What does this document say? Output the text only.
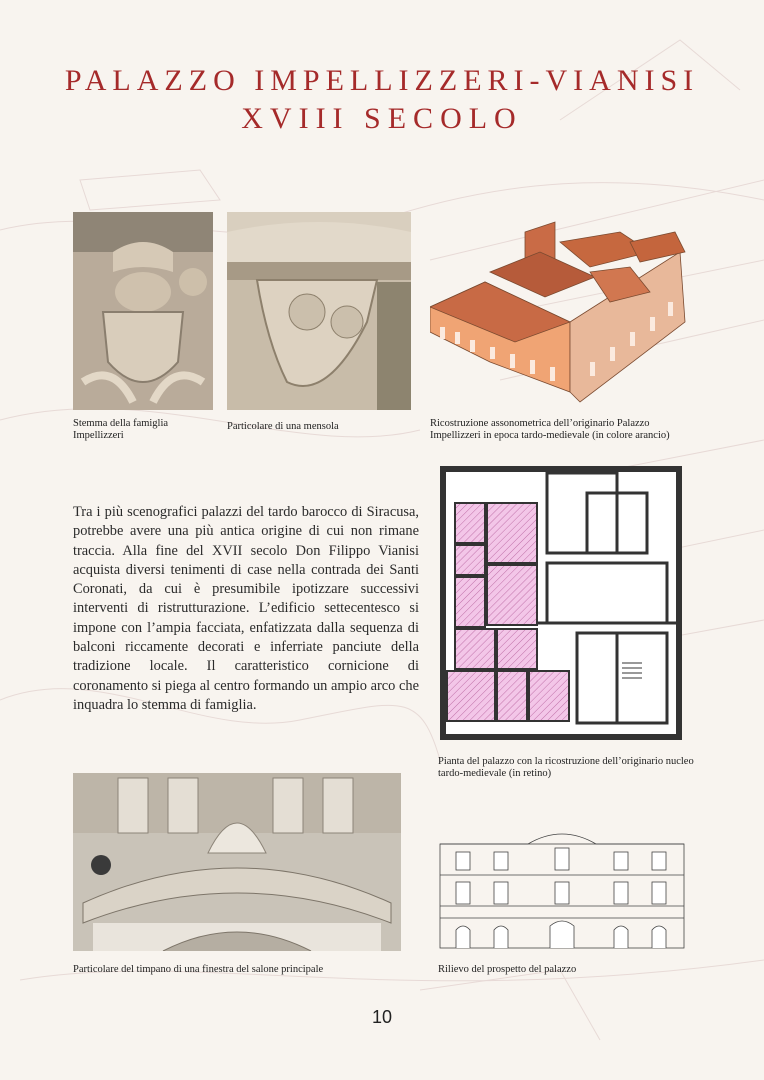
PALAZZO IMPELLIZZERI-VIANISI
XVIII SECOLO
Stemma della famiglia Impellizzeri
Particolare di una mensola	Ricostruzione assonometrica dell’originario Palazzo Impellizzeri in epoca tardo-medievale (in colore arancio)
Tra i più scenografici palazzi del tardo barocco di Siracusa, potrebbe avere una più antica origine di cui non rimane traccia. Alla fine del XVII secolo Don Filippo Vianisi acquista diversi tenimenti di case nella contrada dei Santi Coronati, da cui è presumibile ipotizzare successivi interventi di ristrutturazione. L’edificio settecentesco si impone con l’ampia facciata, enfatizzata dalla sequenza di balconi riccamente decorati e inferriate panciute della tradizione locale. Il caratteristico cornicione di coronamento si piega al centro formando un ampio arco che inquadra lo stemma di famiglia.
Pianta del palazzo con la ricostruzione dell’originario nucleo tardo-medievale (in retino)
Particolare del timpano di una finestra del salone principale	Rilievo del prospetto del palazzo
10
